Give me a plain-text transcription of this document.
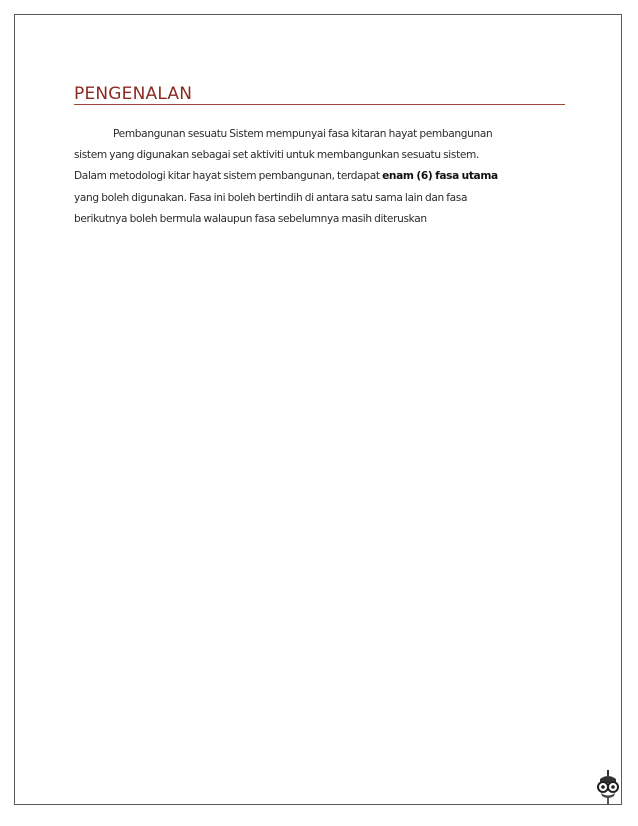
PENGENALAN

Pembangunan sesuatu Sistem mempunyai fasa kitaran hayat pembangunan
sistem yang digunakan sebagai set aktiviti untuk membangunkan sesuatu sistem.
Dalam metodologi kitar hayat sistem pembangunan, terdapat enam (6) fasa utama
yang boleh digunakan. Fasa ini boleh bertindih di antara satu sama lain dan fasa
berikutnya boleh bermula walaupun fasa sebelumnya masih diteruskan
